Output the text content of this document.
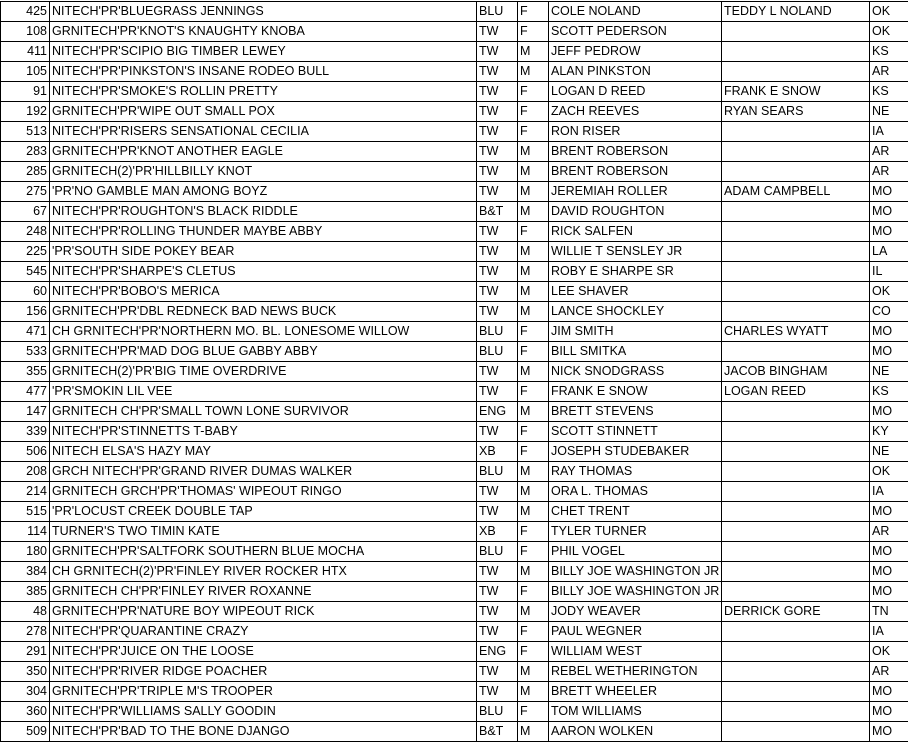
425	NITECH'PR'BLUEGRASS JENNINGS	BLU	F	COLE NOLAND	TEDDY L NOLAND	OK
108	GRNITECH'PR'KNOT'S KNAUGHTY KNOBA	TW	F	SCOTT PEDERSON		OK
411	NITECH'PR'SCIPIO BIG TIMBER LEWEY	TW	M	JEFF PEDROW		KS
105	NITECH'PR'PINKSTON'S INSANE RODEO BULL	TW	M	ALAN PINKSTON		AR
91	NITECH'PR'SMOKE'S ROLLIN PRETTY	TW	F	LOGAN D REED	FRANK E SNOW	KS
192	GRNITECH'PR'WIPE OUT SMALL POX	TW	F	ZACH REEVES	RYAN SEARS	NE
513	NITECH'PR'RISERS SENSATIONAL CECILIA	TW	F	RON RISER		IA
283	GRNITECH'PR'KNOT ANOTHER EAGLE	TW	M	BRENT ROBERSON		AR
285	GRNITECH(2)'PR'HILLBILLY KNOT	TW	M	BRENT ROBERSON		AR
275	'PR'NO GAMBLE MAN AMONG BOYZ	TW	M	JEREMIAH ROLLER	ADAM CAMPBELL	MO
67	NITECH'PR'ROUGHTON'S BLACK RIDDLE	B&T	M	DAVID ROUGHTON		MO
248	NITECH'PR'ROLLING THUNDER MAYBE ABBY	TW	F	RICK SALFEN		MO
225	'PR'SOUTH SIDE POKEY BEAR	TW	M	WILLIE T SENSLEY JR		LA
545	NITECH'PR'SHARPE'S CLETUS	TW	M	ROBY E SHARPE SR		IL
60	NITECH'PR'BOBO'S MERICA	TW	M	LEE SHAVER		OK
156	GRNITECH'PR'DBL REDNECK BAD NEWS BUCK	TW	M	LANCE SHOCKLEY		CO
471	CH GRNITECH'PR'NORTHERN MO. BL. LONESOME WILLOW	BLU	F	JIM SMITH	CHARLES WYATT	MO
533	GRNITECH'PR'MAD DOG BLUE GABBY ABBY	BLU	F	BILL SMITKA		MO
355	GRNITECH(2)'PR'BIG TIME OVERDRIVE	TW	M	NICK SNODGRASS	JACOB BINGHAM	NE
477	'PR'SMOKIN LIL VEE	TW	F	FRANK E SNOW	LOGAN REED	KS
147	GRNITECH CH'PR'SMALL TOWN LONE SURVIVOR	ENG	M	BRETT STEVENS		MO
339	NITECH'PR'STINNETTS T-BABY	TW	F	SCOTT STINNETT		KY
506	NITECH ELSA'S HAZY MAY	XB	F	JOSEPH STUDEBAKER		NE
208	GRCH NITECH'PR'GRAND RIVER DUMAS WALKER	BLU	M	RAY THOMAS		OK
214	GRNITECH GRCH'PR'THOMAS' WIPEOUT RINGO	TW	M	ORA L. THOMAS		IA
515	'PR'LOCUST CREEK DOUBLE TAP	TW	M	CHET TRENT		MO
114	TURNER'S TWO TIMIN KATE	XB	F	TYLER TURNER		AR
180	GRNITECH'PR'SALTFORK SOUTHERN BLUE MOCHA	BLU	F	PHIL VOGEL		MO
384	CH GRNITECH(2)'PR'FINLEY RIVER ROCKER HTX	TW	M	BILLY JOE WASHINGTON JR		MO
385	GRNITECH CH'PR'FINLEY RIVER ROXANNE	TW	F	BILLY JOE WASHINGTON JR		MO
48	GRNITECH'PR'NATURE BOY WIPEOUT RICK	TW	M	JODY WEAVER	DERRICK GORE	TN
278	NITECH'PR'QUARANTINE CRAZY	TW	F	PAUL WEGNER		IA
291	NITECH'PR'JUICE ON THE LOOSE	ENG	F	WILLIAM WEST		OK
350	NITECH'PR'RIVER RIDGE POACHER	TW	M	REBEL WETHERINGTON		AR
304	GRNITECH'PR'TRIPLE M'S TROOPER	TW	M	BRETT WHEELER		MO
360	NITECH'PR'WILLIAMS SALLY GOODIN	BLU	F	TOM WILLIAMS		MO
509	NITECH'PR'BAD TO THE BONE DJANGO	B&T	M	AARON WOLKEN		MO
